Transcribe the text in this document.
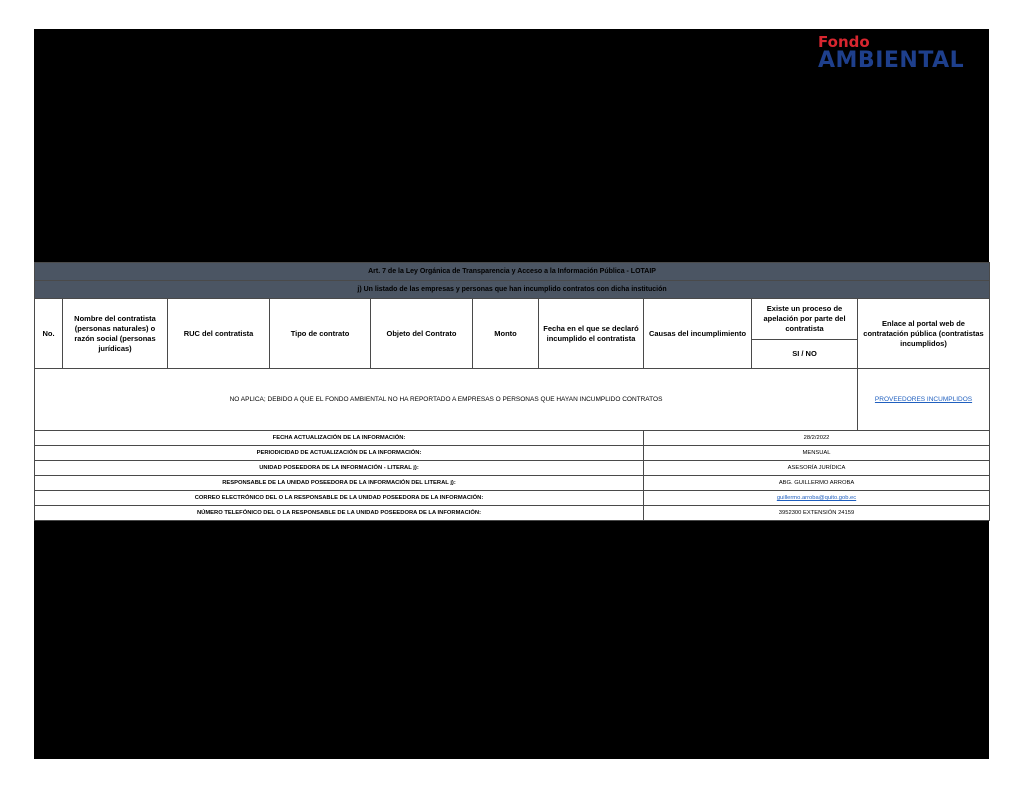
Fondo
AMBIENTAL
Art. 7 de la Ley Orgánica de Transparencia y Acceso a la Información Pública - LOTAIP									
j) Un listado de las empresas y personas que han incumplido contratos con dicha institución									
No.	Nombre del contratista (personas naturales) o razón social (personas jurídicas)	RUC del contratista	Tipo de contrato	Objeto del Contrato	Monto	Fecha en el que se declaró incumplido el contratista	Causas del incumplimiento	Existe un proceso de apelación por parte del contratista	Enlace al portal web de contratación pública (contratistas incumplidos)
								SI / NO	
NO APLICA; DEBIDO A QUE EL FONDO AMBIENTAL NO HA REPORTADO A EMPRESAS O PERSONAS QUE HAYAN INCUMPLIDO CONTRATOS									PROVEEDORES INCUMPLIDOS
FECHA ACTUALIZACIÓN DE LA INFORMACIÓN:							28/2/2022		
PERIODICIDAD DE ACTUALIZACIÓN DE LA INFORMACIÓN:							MENSUAL		
UNIDAD POSEEDORA DE LA INFORMACIÓN - LITERAL j):							ASESORÍA JURÍDICA		
RESPONSABLE DE LA UNIDAD POSEEDORA DE LA INFORMACIÓN DEL LITERAL j):							ABG. GUILLERMO ARROBA		
CORREO ELECTRÓNICO DEL O LA RESPONSABLE DE LA UNIDAD POSEEDORA DE LA INFORMACIÓN:							guillermo.arroba@quito.gob.ec		
NÚMERO TELEFÓNICO DEL O LA RESPONSABLE DE LA UNIDAD POSEEDORA DE LA INFORMACIÓN:							3952300 EXTENSIÓN 24159		
